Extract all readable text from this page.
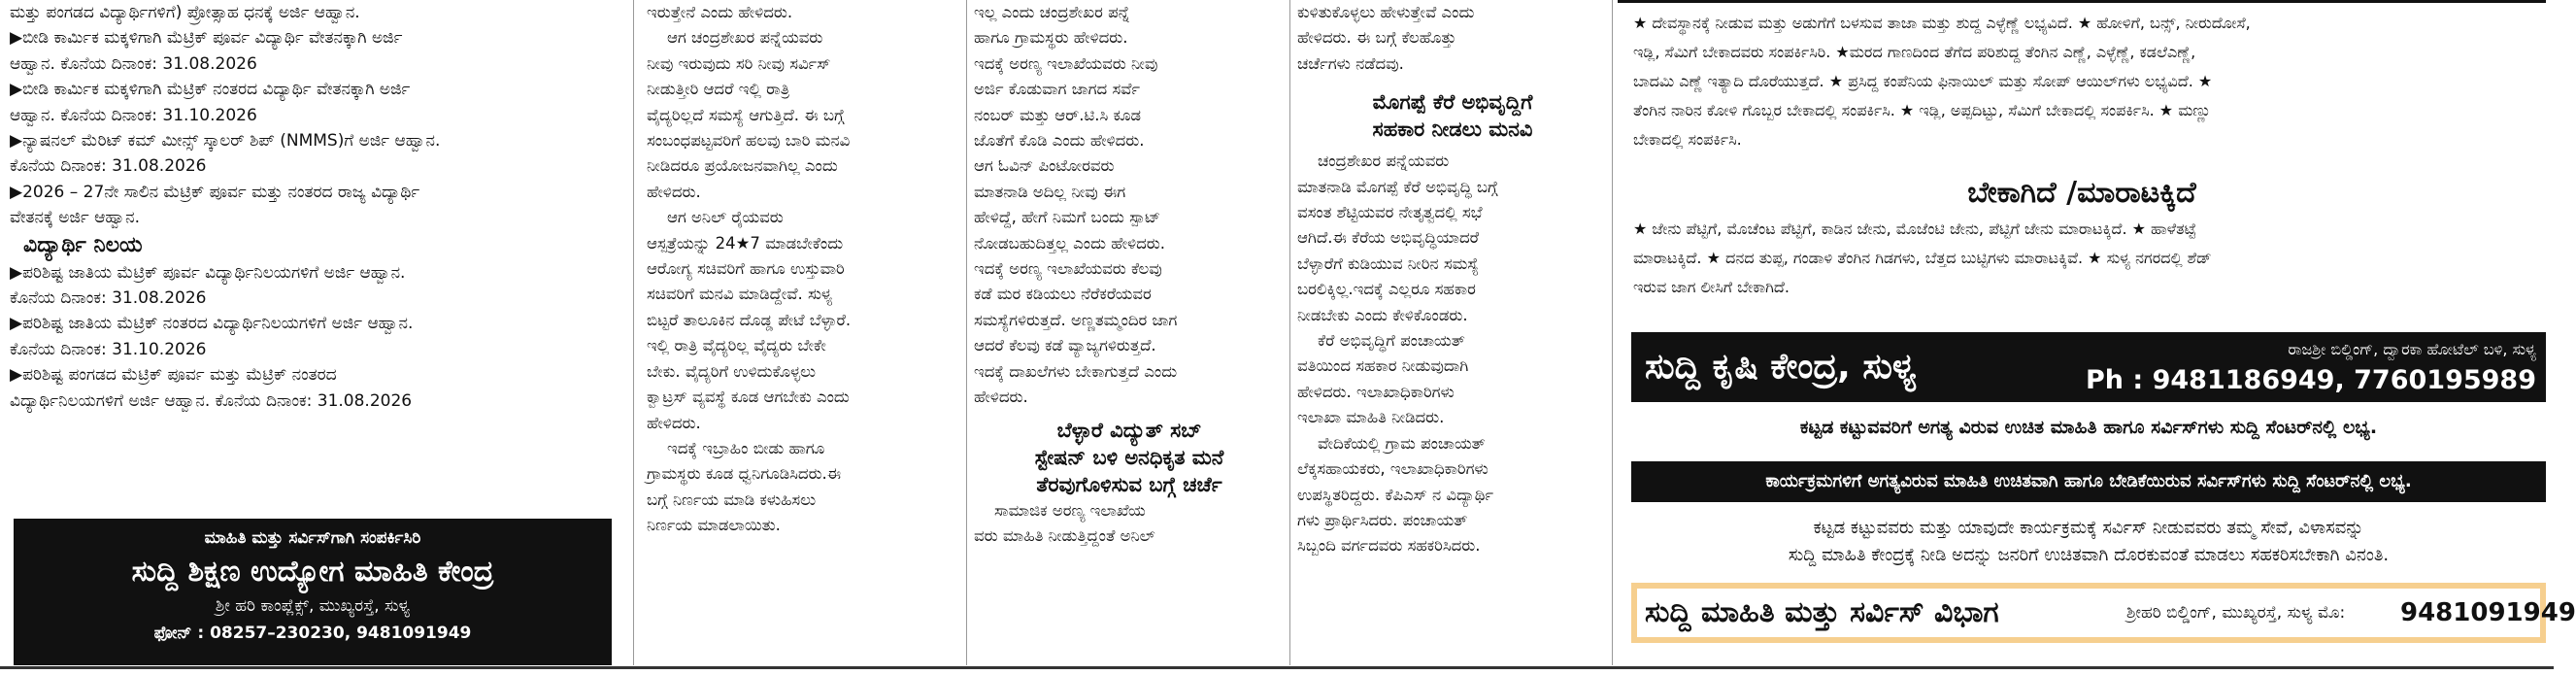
ಮತ್ತು ಪಂಗಡದ ವಿದ್ಯಾರ್ಥಿಗಳಿಗೆ) ಪ್ರೋತ್ಸಾಹ ಧನಕ್ಕೆ ಅರ್ಜಿ ಆಹ್ವಾನ.
▶ಬೀಡಿ ಕಾರ್ಮಿಕ ಮಕ್ಕಳಿಗಾಗಿ ಮೆಟ್ರಿಕ್ ಪೂರ್ವ ವಿದ್ಯಾರ್ಥಿ ವೇತನಕ್ಕಾಗಿ ಅರ್ಜಿ
ಆಹ್ವಾನ. ಕೊನೆಯ ದಿನಾಂಕ: 31.08.2026
▶ಬೀಡಿ ಕಾರ್ಮಿಕ ಮಕ್ಕಳಿಗಾಗಿ ಮೆಟ್ರಿಕ್ ನಂತರದ ವಿದ್ಯಾರ್ಥಿ ವೇತನಕ್ಕಾಗಿ ಅರ್ಜಿ
ಆಹ್ವಾನ. ಕೊನೆಯ ದಿನಾಂಕ: 31.10.2026
▶ನ್ಯಾಷನಲ್ ಮೆರಿಟ್ ಕಮ್ ಮೀನ್ಸ್ ಸ್ಕಾಲರ್ ಶಿಪ್ (NMMS)ಗೆ ಅರ್ಜಿ ಆಹ್ವಾನ.
ಕೊನೆಯ ದಿನಾಂಕ: 31.08.2026
▶2026 – 27ನೇ ಸಾಲಿನ ಮೆಟ್ರಿಕ್ ಪೂರ್ವ ಮತ್ತು ನಂತರದ ರಾಜ್ಯ ವಿದ್ಯಾರ್ಥಿ
ವೇತನಕ್ಕೆ ಅರ್ಜಿ ಆಹ್ವಾನ.
ವಿದ್ಯಾರ್ಥಿ ನಿಲಯ
▶ಪರಿಶಿಷ್ಟ ಜಾತಿಯ ಮೆಟ್ರಿಕ್ ಪೂರ್ವ ವಿದ್ಯಾರ್ಥಿನಿಲಯಗಳಿಗೆ ಅರ್ಜಿ ಆಹ್ವಾನ.
ಕೊನೆಯ ದಿನಾಂಕ: 31.08.2026
▶ಪರಿಶಿಷ್ಟ ಜಾತಿಯ ಮೆಟ್ರಿಕ್ ನಂತರದ ವಿದ್ಯಾರ್ಥಿನಿಲಯಗಳಿಗೆ ಅರ್ಜಿ ಆಹ್ವಾನ.
ಕೊನೆಯ ದಿನಾಂಕ: 31.10.2026
▶ಪರಿಶಿಷ್ಟ ಪಂಗಡದ ಮೆಟ್ರಿಕ್ ಪೂರ್ವ ಮತ್ತು ಮೆಟ್ರಿಕ್ ನಂತರದ
ವಿದ್ಯಾರ್ಥಿನಿಲಯಗಳಿಗೆ ಅರ್ಜಿ ಆಹ್ವಾನ. ಕೊನೆಯ ದಿನಾಂಕ: 31.08.2026
ಮಾಹಿತಿ ಮತ್ತು ಸರ್ವಿಸ್‌ಗಾಗಿ ಸಂಪರ್ಕಿಸಿರಿ
ಸುದ್ದಿ ಶಿಕ್ಷಣ ಉದ್ಯೋಗ ಮಾಹಿತಿ ಕೇಂದ್ರ
ಶ್ರೀ ಹರಿ ಕಾಂಪ್ಲೆಕ್ಸ್, ಮುಖ್ಯರಸ್ತೆ, ಸುಳ್ಯ
ಫೋನ್ : 08257–230230, 9481091949
ಇರುತ್ತೇನೆ ಎಂದು ಹೇಳಿದರು.
ಆಗ ಚಂದ್ರಶೇಖರ ಪನ್ನೆಯವರು
ನೀವು ಇರುವುದು ಸರಿ ನೀವು ಸರ್ವಿಸ್
ನೀಡುತ್ತೀರಿ ಆದರೆ ಇಲ್ಲಿ ರಾತ್ರಿ
ವೈದ್ಯರಿಲ್ಲದೆ ಸಮಸ್ಯೆ ಆಗುತ್ತಿದೆ. ಈ ಬಗ್ಗೆ
ಸಂಬಂಧಪಟ್ಟವರಿಗೆ ಹಲವು ಬಾರಿ ಮನವಿ
ನೀಡಿದರೂ ಪ್ರಯೋಜನವಾಗಿಲ್ಲ ಎಂದು
ಹೇಳಿದರು.
ಆಗ ಅನಿಲ್ ರೈಯವರು
ಆಸ್ಪತ್ರೆಯನ್ನು 24★7 ಮಾಡಬೇಕೆಂದು
ಆರೋಗ್ಯ ಸಚಿವರಿಗೆ ಹಾಗೂ ಉಸ್ತುವಾರಿ
ಸಚಿವರಿಗೆ ಮನವಿ ಮಾಡಿದ್ದೇವೆ. ಸುಳ್ಯ
ಬಿಟ್ಟರೆ ತಾಲೂಕಿನ ದೊಡ್ಡ ಪೇಟೆ ಬೆಳ್ಳಾರೆ.
ಇಲ್ಲಿ ರಾತ್ರಿ ವೈದ್ಯರಿಲ್ಲ ವೈದ್ಯರು ಬೇಕೇ
ಬೇಕು. ವೈದ್ಯರಿಗೆ ಉಳಿದುಕೊಳ್ಳಲು
ಕ್ವಾಟ್ರಸ್ ವ್ಯವಸ್ಥೆ ಕೂಡ ಆಗಬೇಕು ಎಂದು
ಹೇಳಿದರು.
ಇದಕ್ಕೆ ಇಬ್ರಾಹಿಂ ಬೀಡು ಹಾಗೂ
ಗ್ರಾಮಸ್ಥರು ಕೂಡ ಧ್ವನಿಗೂಡಿಸಿದರು.ಈ
ಬಗ್ಗೆ ನಿರ್ಣಯ ಮಾಡಿ ಕಳುಹಿಸಲು
ನಿರ್ಣಯ ಮಾಡಲಾಯಿತು.
ಇಲ್ಲ ಎಂದು ಚಂದ್ರಶೇಖರ ಪನ್ನೆ
ಹಾಗೂ ಗ್ರಾಮಸ್ಥರು ಹೇಳಿದರು.
ಇದಕ್ಕೆ ಅರಣ್ಯ ಇಲಾಖೆಯವರು ನೀವು
ಅರ್ಜಿ ಕೊಡುವಾಗ ಜಾಗದ ಸರ್ವೆ
ನಂಬರ್ ಮತ್ತು ಆರ್.ಟಿ.ಸಿ ಕೂಡ
ಜೊತೆಗೆ ಕೊಡಿ ಎಂದು ಹೇಳಿದರು.
ಆಗ ಓವಿನ್ ಪಿಂಟೋರವರು
ಮಾತನಾಡಿ ಅದಿಲ್ಲ ನೀವು ಈಗ
ಹೇಳಿದ್ದೆ, ಹೇಗೆ ನಿಮಗೆ ಬಂದು ಸ್ಪಾಟ್
ನೋಡಬಹುದಿತ್ತಲ್ಲ ಎಂದು ಹೇಳಿದರು.
ಇದಕ್ಕೆ ಅರಣ್ಯ ಇಲಾಖೆಯವರು ಕೆಲವು
ಕಡೆ ಮರ ಕಡಿಯಲು ನೆರೆಕರೆಯವರ
ಸಮಸ್ಯೆಗಳಿರುತ್ತದೆ. ಅಣ್ಣತಮ್ಮಂದಿರ ಜಾಗ
ಆದರೆ ಕೆಲವು ಕಡೆ ವ್ಯಾಜ್ಯಗಳಿರುತ್ತದೆ.
ಇದಕ್ಕೆ ದಾಖಲೆಗಳು ಬೇಕಾಗುತ್ತದೆ ಎಂದು
ಹೇಳಿದರು.
ಬೆಳ್ಳಾರೆ ವಿದ್ಯುತ್ ಸಬ್
ಸ್ಟೇಷನ್ ಬಳಿ ಅನಧಿಕೃತ ಮನೆ
ತೆರವುಗೊಳಿಸುವ ಬಗ್ಗೆ ಚರ್ಚೆ
ಸಾಮಾಜಿಕ ಅರಣ್ಯ ಇಲಾಖೆಯ
ವರು ಮಾಹಿತಿ ನೀಡುತ್ತಿದ್ದಂತೆ ಅನಿಲ್
ಕುಳಿತುಕೊಳ್ಳಲು ಹೇಳುತ್ತೇವೆ ಎಂದು
ಹೇಳಿದರು. ಈ ಬಗ್ಗೆ ಕೆಲಹೊತ್ತು
ಚರ್ಚೆಗಳು ನಡೆದವು.
ಮೊಗಪ್ಪೆ ಕೆರೆ ಅಭಿವೃದ್ದಿಗೆ
ಸಹಕಾರ ನೀಡಲು ಮನವಿ
ಚಂದ್ರಶೇಖರ ಪನ್ನೆಯವರು
ಮಾತನಾಡಿ ಮೊಗಪ್ಪೆ ಕೆರೆ ಅಭಿವೃದ್ಧಿ ಬಗ್ಗೆ
ವಸಂತ ಶೆಟ್ಟಿಯವರ ನೇತೃತ್ವದಲ್ಲಿ ಸಭೆ
ಆಗಿದೆ.ಈ ಕೆರೆಯ ಅಭಿವೃದ್ಧಿಯಾದರೆ
ಬೆಳ್ಳಾರೆಗೆ ಕುಡಿಯುವ ನೀರಿನ ಸಮಸ್ಯೆ
ಬರಲಿಕ್ಕಿಲ್ಲ.ಇದಕ್ಕೆ ಎಲ್ಲರೂ ಸಹಕಾರ
ನೀಡಬೇಕು ಎಂದು ಕೇಳಿಕೊಂಡರು.
ಕೆರೆ ಅಭಿವೃದ್ಧಿಗೆ ಪಂಚಾಯತ್
ವತಿಯಿಂದ ಸಹಕಾರ ನೀಡುವುದಾಗಿ
ಹೇಳಿದರು. ಇಲಾಖಾಧಿಕಾರಿಗಳು
ಇಲಾಖಾ ಮಾಹಿತಿ ನೀಡಿದರು.
ವೇದಿಕೆಯಲ್ಲಿ ಗ್ರಾಮ ಪಂಚಾಯತ್
ಲೆಕ್ಕಸಹಾಯಕರು, ಇಲಾಖಾಧಿಕಾರಿಗಳು
ಉಪಸ್ಥಿತರಿದ್ದರು. ಕೆಪಿಎಸ್ ನ ವಿದ್ಯಾರ್ಥಿ
ಗಳು ಪ್ರಾರ್ಥಿಸಿದರು. ಪಂಚಾಯತ್
ಸಿಬ್ಬಂದಿ ವರ್ಗದವರು ಸಹಕರಿಸಿದರು.
★ ದೇವಸ್ಥಾನಕ್ಕೆ ನೀಡುವ ಮತ್ತು ಅಡುಗೆಗೆ ಬಳಸುವ ತಾಜಾ ಮತ್ತು ಶುದ್ದ ಎಳ್ಳೆಣ್ಣೆ ಲಭ್ಯವಿದೆ. ★ ಹೋಳಿಗೆ, ಬನ್ಸ್, ನೀರುದೋಸೆ,
ಇಡ್ಲಿ, ಸೆಮಿಗೆ ಬೇಕಾದವರು ಸಂಪರ್ಕಿಸಿರಿ. ★ಮರದ ಗಾಣದಿಂದ ತೆಗೆದ ಪರಿಶುದ್ದ ತೆಂಗಿನ ಎಣ್ಣೆ, ಎಳ್ಳೆಣ್ಣೆ, ಕಡಲೆಎಣ್ಣೆ,
ಬಾದಮಿ ಎಣ್ಣೆ ಇತ್ಯಾದಿ ದೊರೆಯುತ್ತದೆ. ★ ಪ್ರಸಿದ್ದ ಕಂಪೆನಿಯ ಫಿನಾಯಿಲ್ ಮತ್ತು ಸೋಪ್ ಆಯಿಲ್‌ಗಳು ಲಭ್ಯವಿದೆ. ★
ತೆಂಗಿನ ನಾರಿನ ಕೋಳಿ ಗೊಬ್ಬರ ಬೇಕಾದಲ್ಲಿ ಸಂಪರ್ಕಿಸಿ. ★ ಇಡ್ಲಿ, ಅಪ್ಪದಿಟ್ಟು, ಸೆಮಿಗೆ ಬೇಕಾದಲ್ಲಿ ಸಂಪರ್ಕಿಸಿ. ★ ಮಣ್ಣು
ಬೇಕಾದಲ್ಲಿ ಸಂಪರ್ಕಿಸಿ.
ಬೇಕಾಗಿದೆ /ಮಾರಾಟಕ್ಕಿದೆ
★ ಜೇನು ಪೆಟ್ಟಿಗೆ, ಮೊಚೆಂಟ ಪೆಟ್ಟಿಗೆ, ಕಾಡಿನ ಜೇನು, ಮೊಜೆಂಟಿ ಜೇನು, ಪೆಟ್ಟಿಗೆ ಜೇನು ಮಾರಾಟಕ್ಕಿದೆ. ★ ಹಾಳೆತಟ್ಟೆ
ಮಾರಾಟಕ್ಕಿದೆ. ★ ದನದ ತುಪ್ಪ, ಗಂಡಾಳಿ ತೆಂಗಿನ ಗಿಡಗಳು, ಬೆತ್ತದ ಬುಟ್ಟಿಗಳು ಮಾರಾಟಕ್ಕಿವೆ. ★ ಸುಳ್ಯ ನಗರದಲ್ಲಿ ಶೆಡ್
ಇರುವ ಜಾಗ ಲೀಸಿಗೆ ಬೇಕಾಗಿದೆ.
ಸುದ್ದಿ ಕೃಷಿ ಕೇಂದ್ರ, ಸುಳ್ಯ	ರಾಜಶ್ರೀ ಬಿಲ್ಡಿಂಗ್, ದ್ವಾರಕಾ ಹೋಟೆಲ್ ಬಳಿ, ಸುಳ್ಯ
Ph : 9481186949, 7760195989
ಕಟ್ಟಡ ಕಟ್ಟುವವರಿಗೆ ಅಗತ್ಯ ವಿರುವ ಉಚಿತ ಮಾಹಿತಿ ಹಾಗೂ ಸರ್ವಿಸ್‌ಗಳು ಸುದ್ದಿ ಸೆಂಟರ್‌ನಲ್ಲಿ ಲಭ್ಯ.
ಕಾರ್ಯಕ್ರಮಗಳಿಗೆ ಅಗತ್ಯವಿರುವ ಮಾಹಿತಿ ಉಚಿತವಾಗಿ ಹಾಗೂ ಬೇಡಿಕೆಯಿರುವ ಸರ್ವಿಸ್‌ಗಳು ಸುದ್ದಿ ಸೆಂಟರ್‌ನಲ್ಲಿ ಲಭ್ಯ.
ಕಟ್ಟಡ ಕಟ್ಟುವವರು ಮತ್ತು ಯಾವುದೇ ಕಾರ್ಯಕ್ರಮಕ್ಕೆ ಸರ್ವಿಸ್ ನೀಡುವವರು ತಮ್ಮ ಸೇವೆ, ವಿಳಾಸವನ್ನು
ಸುದ್ದಿ ಮಾಹಿತಿ ಕೇಂದ್ರಕ್ಕೆ ನೀಡಿ ಅದನ್ನು ಜನರಿಗೆ ಉಚಿತವಾಗಿ ದೊರಕುವಂತೆ ಮಾಡಲು ಸಹಕರಿಸಬೇಕಾಗಿ ವಿನಂತಿ.
ಸುದ್ದಿ ಮಾಹಿತಿ ಮತ್ತು ಸರ್ವಿಸ್ ವಿಭಾಗ	ಶ್ರೀಹರಿ ಬಿಲ್ಡಿಂಗ್, ಮುಖ್ಯರಸ್ತೆ, ಸುಳ್ಯ ಮೊ: 9481091949
